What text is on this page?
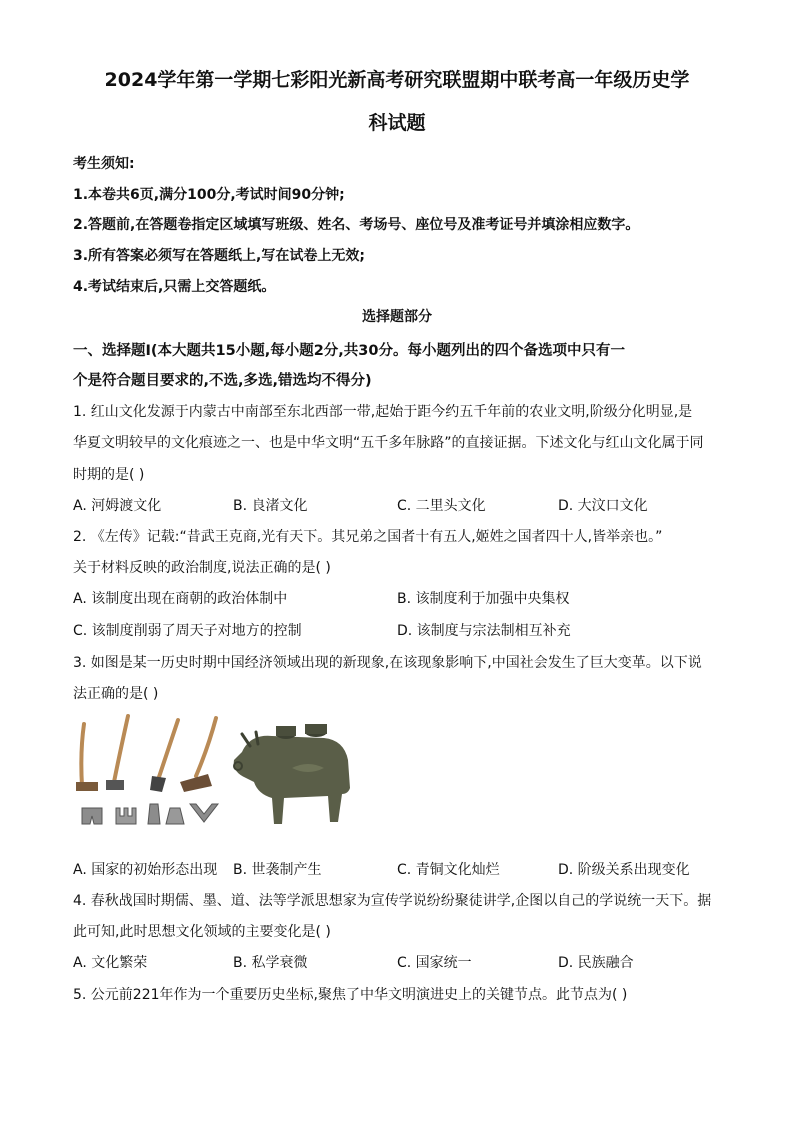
2024学年第一学期七彩阳光新高考研究联盟期中联考高一年级历史学
科试题
考生须知:
1.本卷共6页,满分100分,考试时间90分钟;
2.答题前,在答题卷指定区域填写班级、姓名、考场号、座位号及准考证号并填涂相应数字。
3.所有答案必须写在答题纸上,写在试卷上无效;
4.考试结束后,只需上交答题纸。
选择题部分
一、选择题Ⅰ(本大题共15小题,每小题2分,共30分。每小题列出的四个备选项中只有一
个是符合题目要求的,不选,多选,错选均不得分)
1. 红山文化发源于内蒙古中南部至东北西部一带,起始于距今约五千年前的农业文明,阶级分化明显,是
华夏文明较早的文化痕迹之一、也是中华文明“五千多年脉路”的直接证据。下述文化与红山文化属于同
时期的是( )
A. 河姆渡文化	B. 良渚文化	C. 二里头文化	D. 大汶口文化
2. 《左传》记载:“昔武王克商,光有天下。其兄弟之国者十有五人,姬姓之国者四十人,皆举亲也。”
关于材料反映的政治制度,说法正确的是( )
A. 该制度出现在商朝的政治体制中	B. 该制度利于加强中央集权
C. 该制度削弱了周天子对地方的控制	D. 该制度与宗法制相互补充
3. 如图是某一历史时期中国经济领域出现的新现象,在该现象影响下,中国社会发生了巨大变革。以下说
法正确的是( )
A. 国家的初始形态出现 B. 世袭制产生	C. 青铜文化灿烂	D. 阶级关系出现变化
4. 春秋战国时期儒、墨、道、法等学派思想家为宣传学说纷纷聚徒讲学,企图以自己的学说统一天下。据
此可知,此时思想文化领域的主要变化是( )
A. 文化繁荣	B. 私学衰微	C. 国家统一	D. 民族融合
5. 公元前221年作为一个重要历史坐标,聚焦了中华文明演进史上的关键节点。此节点为( )
